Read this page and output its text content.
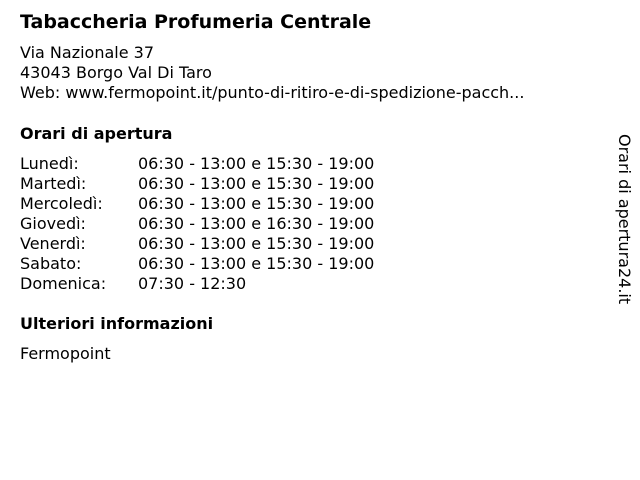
Tabaccheria Profumeria Centrale
Via Nazionale 37
43043 Borgo Val Di Taro
Web: www.fermopoint.it/punto-di-ritiro-e-di-spedizione-pacch...
Orari di apertura
Lunedì:	06:30 - 13:00 e 15:30 - 19:00
Martedì:	06:30 - 13:00 e 15:30 - 19:00
Mercoledì: 06:30 - 13:00 e 15:30 - 19:00
Giovedì:	06:30 - 13:00 e 16:30 - 19:00
Venerdì:	06:30 - 13:00 e 15:30 - 19:00
Sabato:	06:30 - 13:00 e 15:30 - 19:00
Domenica: 07:30 - 12:30
Ulteriori informazioni
Fermopoint
Orari di apertura24.it
